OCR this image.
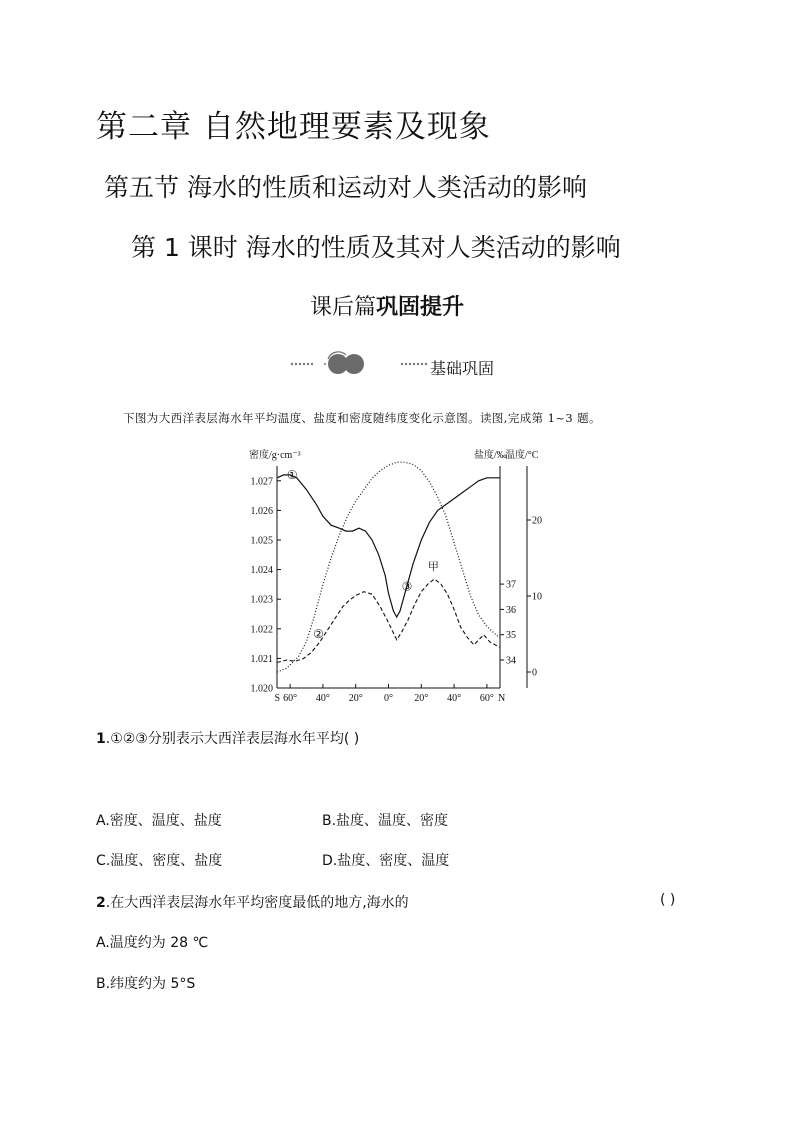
第二章 自然地理要素及现象
第五节 海水的性质和运动对人类活动的影响
第 1 课时 海水的性质及其对人类活动的影响
课后篇巩固提升
基础巩固
下图为大西洋表层海水年平均温度、盐度和密度随纬度变化示意图。读图,完成第 1~3 题。
1.020
1.021
1.022
1.023
1.024
1.025
1.026
1.027
34
35
36
37
0
10
20
S 60° 40° 20° 0° 20° 40° 60° N
密度/g·cm⁻³	盐度/‰
温度/°C
①
②
③
甲
1.①②③分别表示大西洋表层海水年平均( )
A.密度、温度、盐度	B.盐度、温度、密度
C.温度、密度、盐度	D.盐度、密度、温度
2.在大西洋表层海水年平均密度最低的地方,海水的	( )
A.温度约为 28 ℃
B.纬度约为 5°S
